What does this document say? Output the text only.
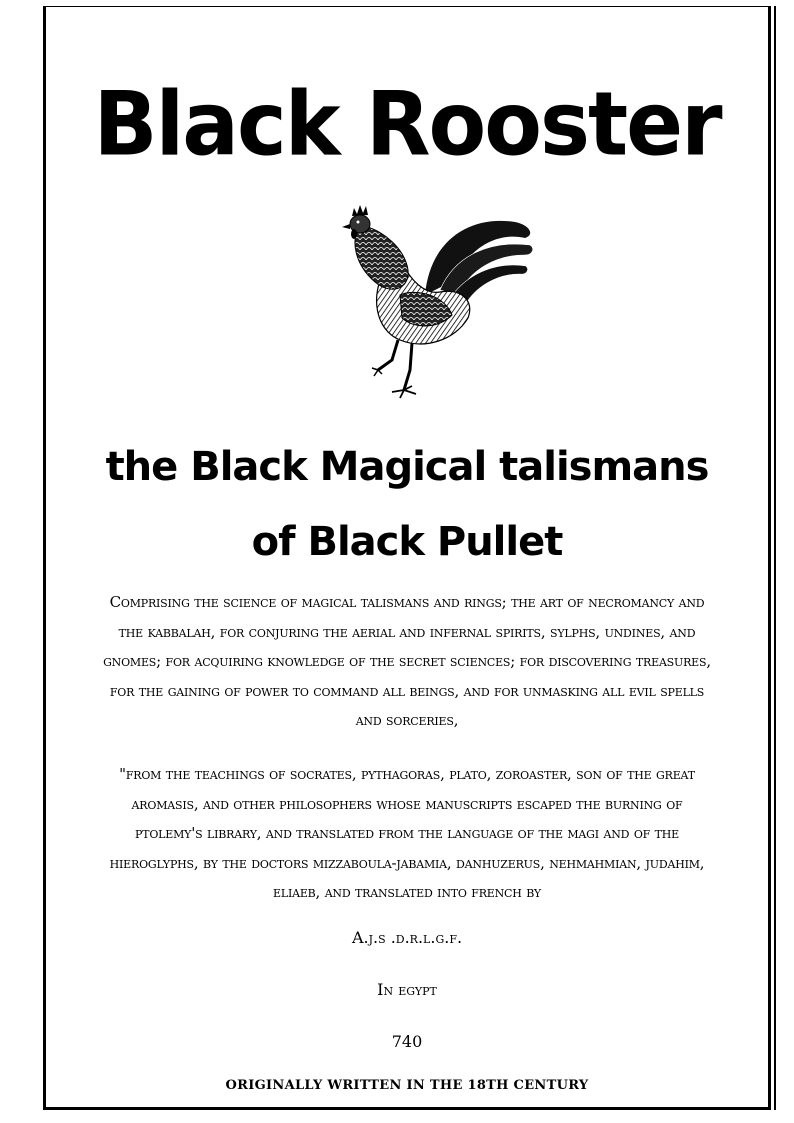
Black Rooster
the Black Magical talismans
of Black Pullet
Comprising the science of magical talismans and rings; the art of necromancy and the kabbalah, for conjuring the aerial and infernal spirits, sylphs, undines, and gnomes; for acquiring knowledge of the secret sciences; for discovering treasures, for the gaining of power to command all beings, and for unmasking all evil spells and sorceries,
"from the teachings of socrates, pythagoras, plato, zoroaster, son of the great aromasis, and other philosophers whose manuscripts escaped the burning of ptolemy's library, and translated from the language of the magi and of the hieroglyphs, by the doctors mizzaboula-jabamia, danhuzerus, nehmahmian, judahim, eliaeb, and translated into french by
A.j.s .d.r.l.g.f.
In egypt
740
ORIGINALLY WRITTEN IN THE 18TH CENTURY
